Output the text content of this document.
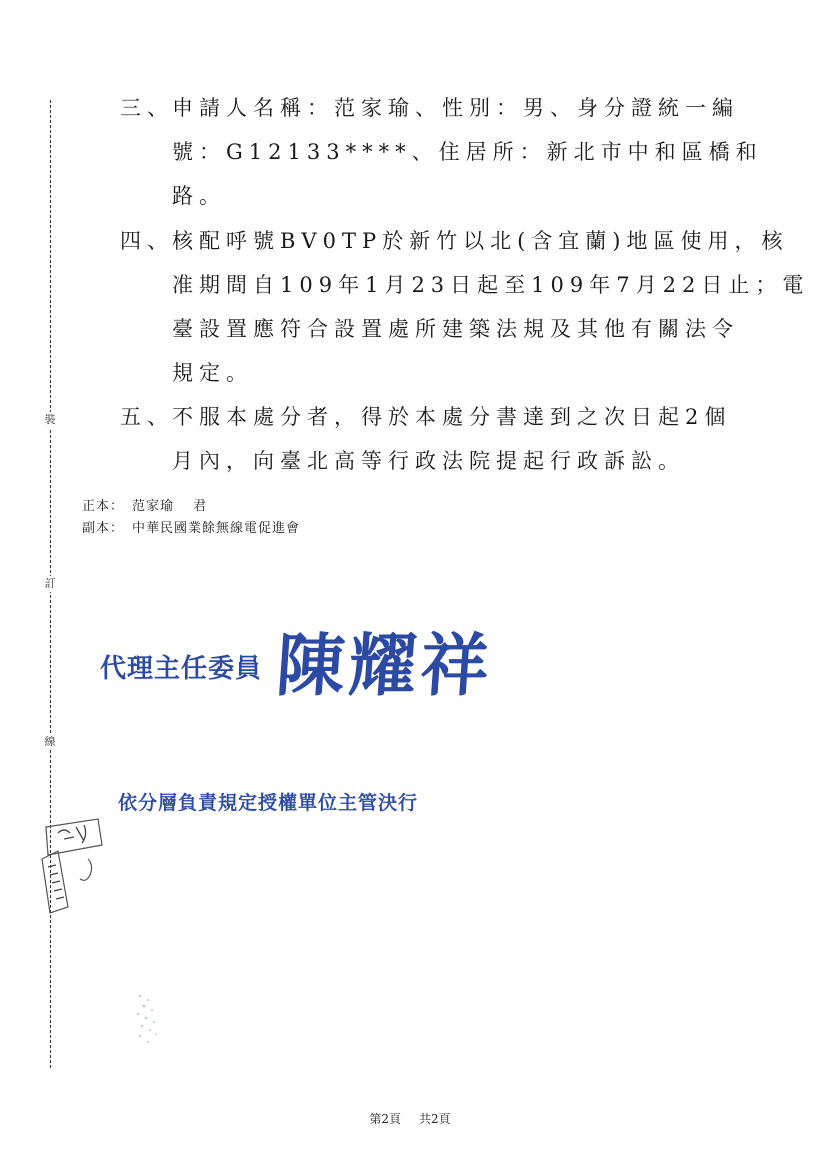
裝
訂
線
三、申請人名稱：范家瑜、性別：男、身分證統一編
號：G12133****、住居所：新北市中和區橋和
路。
四、核配呼號BV0TP於新竹以北(含宜蘭)地區使用，核
准期間自109年1月23日起至109年7月22日止；電
臺設置應符合設置處所建築法規及其他有關法令
規定。
五、不服本處分者，得於本處分書達到之次日起2個
月內，向臺北高等行政法院提起行政訴訟。
正本： 范家瑜　 君
副本： 中華民國業餘無線電促進會
代理主任委員 陳耀祥
依分層負責規定授權單位主管決行
第2頁 共2頁
